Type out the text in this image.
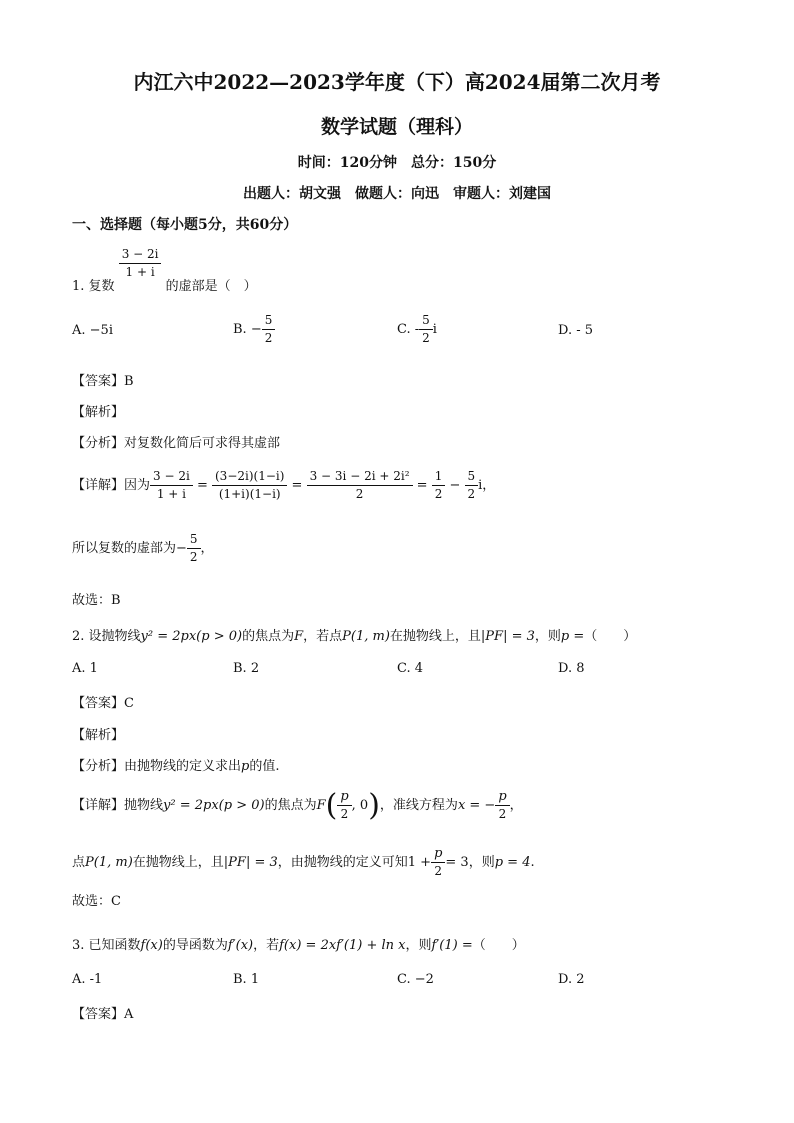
内江六中2022—2023学年度（下）高2024届第二次月考
数学试题（理科）
时间：120分钟　总分：150分
出题人：胡文强　做题人：向迅　审题人：刘建国
一、选择题（每小题5分，共60分）
1. 复数
$\frac{3 - 2i}{1 + i}$
的虚部是（　）
A. −5i	B. − $\frac{5}{2}$	C. - $\frac{5}{2}$ i	D. - 5
【答案】B
【解析】
【分析】对复数化简后可求得其虚部
【详解】因为 $\frac{3 - 2i}{1 + i} = \frac{(3-2i)(1-i)}{(1+i)(1-i)} = \frac{\text{3 − 3i − 2i + 2i²}}{2} = \frac{1}{2} - \frac{5}{2}$ i，
所以复数的虚部为− $\frac{5}{2}$ ，
故选：B
2. 设抛物线y² = 2px(p > 0)的焦点为F，若点P(1, m)在抛物线上，且|PF| = 3，则p =（　　）
A. 1	B. 2	C. 4	D. 8
【答案】C
【解析】
【分析】由抛物线的定义求出p的值.
【详解】抛物线y² = 2px(p > 0)的焦点为$F( \frac{p}{2}$ , 0)，准线方程为x = − $\frac{p}{2}$ ，
点P(1, m)在抛物线上，且|PF| = 3，由抛物线的定义可知$1 + \frac{p}{2} = 3$，则p = 4.
故选：C
3. 已知函数f(x)的导函数为f′(x)，若f(x) = 2xf′(1) + ln x，则f′(1) =（　　）
A. -1	B. 1	C. −2	D. 2
【答案】A
